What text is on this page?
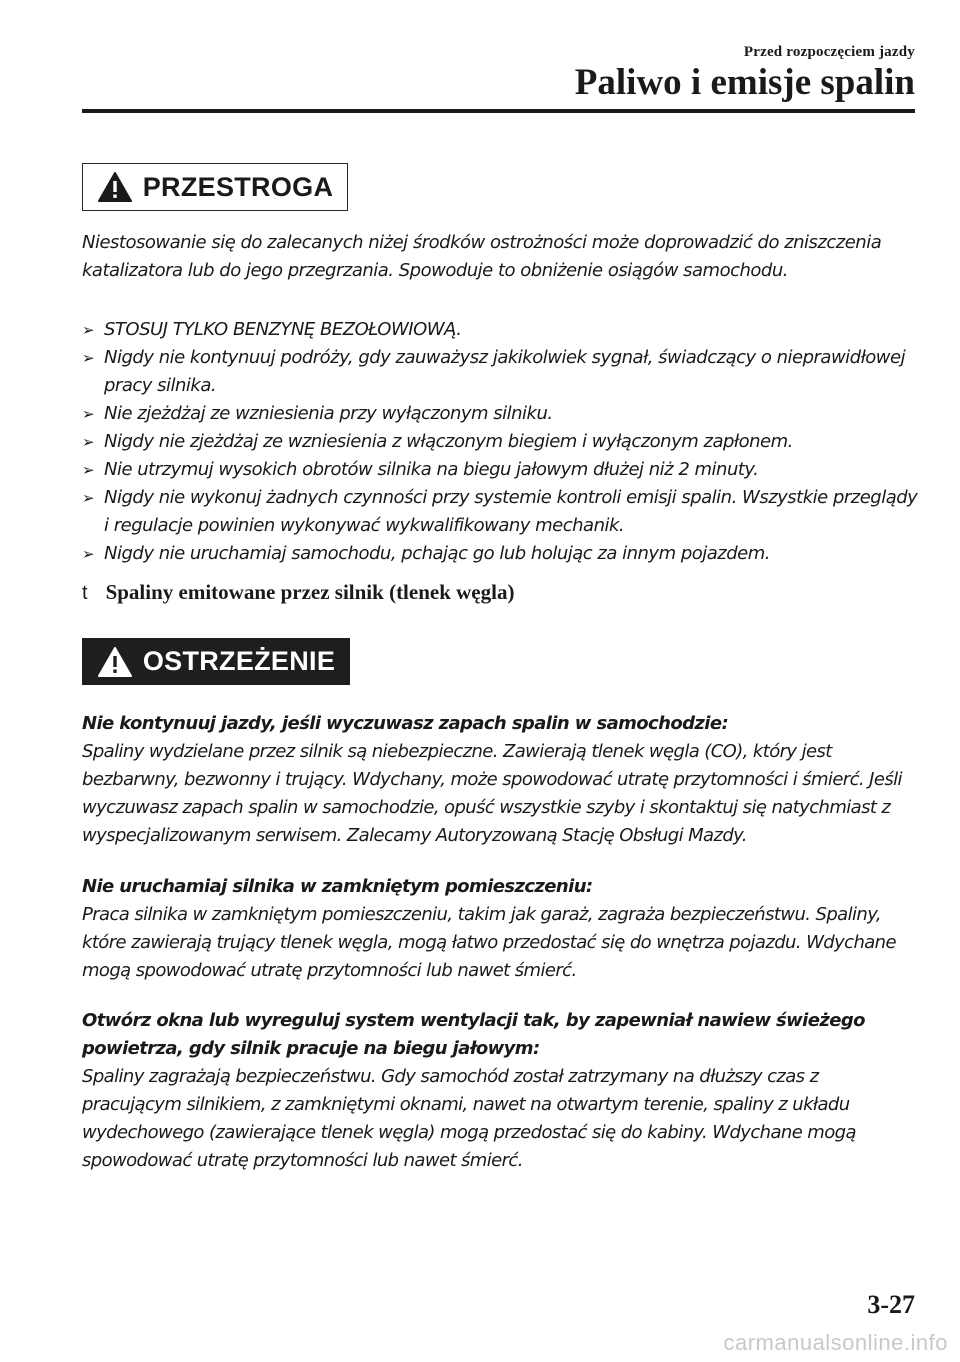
Przed rozpoczęciem jazdy
Paliwo i emisje spalin
PRZESTROGA
Niestosowanie się do zalecanych niżej środków ostrożności może doprowadzić do zniszczenia katalizatora lub do jego przegrzania. Spowoduje to obniżenie osiągów samochodu.
➢ STOSUJ TYLKO BENZYNĘ BEZOŁOWIOWĄ.
➢ Nigdy nie kontynuuj podróży, gdy zauważysz jakikolwiek sygnał, świadczący o nieprawidłowej pracy silnika.
➢ Nie zjeżdżaj ze wzniesienia przy wyłączonym silniku.
➢ Nigdy nie zjeżdżaj ze wzniesienia z włączonym biegiem i wyłączonym zapłonem.
➢ Nie utrzymuj wysokich obrotów silnika na biegu jałowym dłużej niż 2 minuty.
➢ Nigdy nie wykonuj żadnych czynności przy systemie kontroli emisji spalin. Wszystkie przeglądy i regulacje powinien wykonywać wykwalifikowany mechanik.
➢ Nigdy nie uruchamiaj samochodu, pchając go lub holując za innym pojazdem.
t Spaliny emitowane przez silnik (tlenek węgla)
OSTRZEŻENIE
Nie kontynuuj jazdy, jeśli wyczuwasz zapach spalin w samochodzie:
Spaliny wydzielane przez silnik są niebezpieczne. Zawierają tlenek węgla (CO), który jest bezbarwny, bezwonny i trujący. Wdychany, może spowodować utratę przytomności i śmierć. Jeśli wyczuwasz zapach spalin w samochodzie, opuść wszystkie szyby i skontaktuj się natychmiast z wyspecjalizowanym serwisem. Zalecamy Autoryzowaną Stację Obsługi Mazdy.
Nie uruchamiaj silnika w zamkniętym pomieszczeniu:
Praca silnika w zamkniętym pomieszczeniu, takim jak garaż, zagraża bezpieczeństwu. Spaliny, które zawierają trujący tlenek węgla, mogą łatwo przedostać się do wnętrza pojazdu. Wdychane mogą spowodować utratę przytomności lub nawet śmierć.
Otwórz okna lub wyreguluj system wentylacji tak, by zapewniał nawiew świeżego powietrza, gdy silnik pracuje na biegu jałowym:
Spaliny zagrażają bezpieczeństwu. Gdy samochód został zatrzymany na dłuższy czas z pracującym silnikiem, z zamkniętymi oknami, nawet na otwartym terenie, spaliny z układu wydechowego (zawierające tlenek węgla) mogą przedostać się do kabiny. Wdychane mogą spowodować utratę przytomności lub nawet śmierć.
3-27
carmanualsonline.info
